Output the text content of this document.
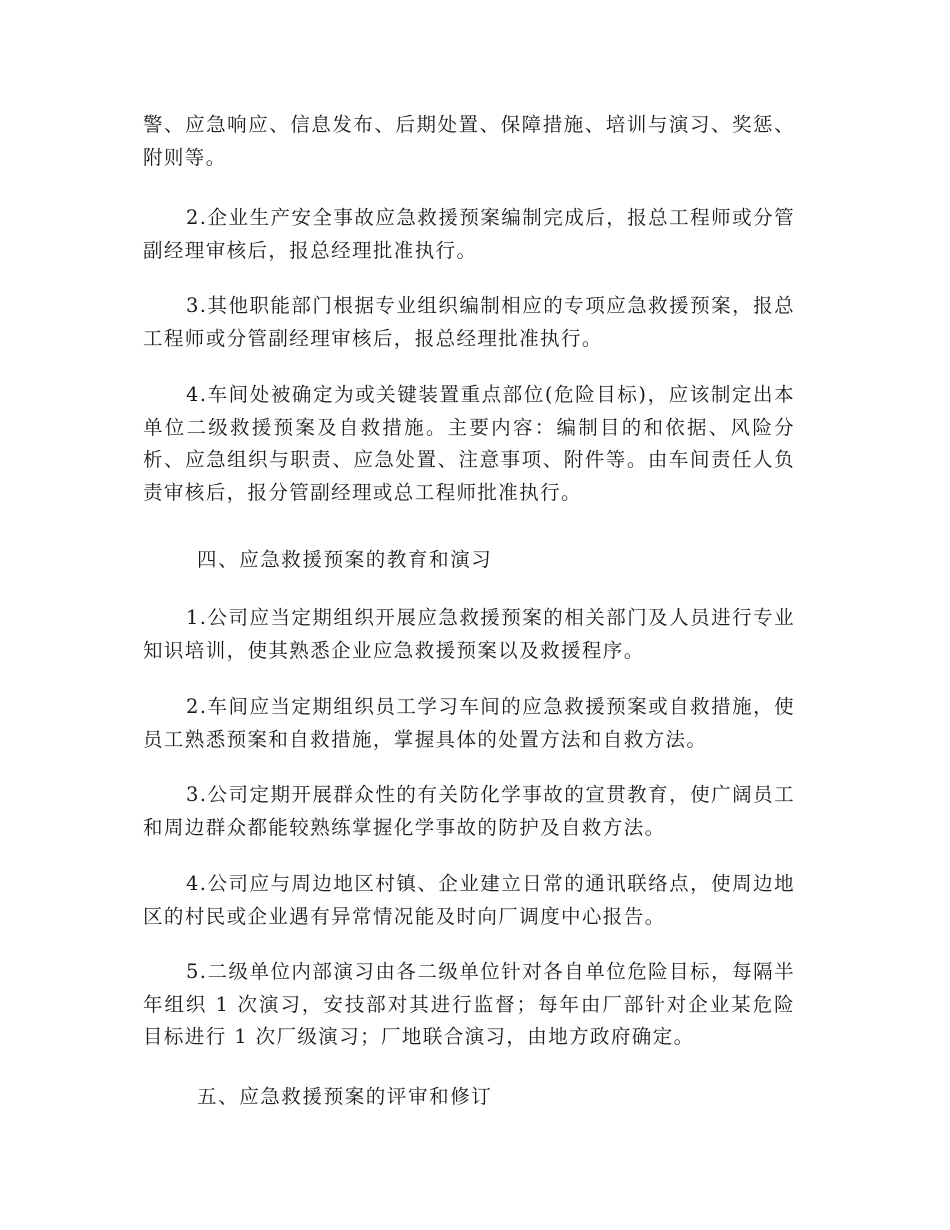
警、应急响应、信息发布、后期处置、保障措施、培训与演习、奖惩、附则等。

2.企业生产安全事故应急救援预案编制完成后，报总工程师或分管副经理审核后，报总经理批准执行。

3.其他职能部门根据专业组织编制相应的专项应急救援预案，报总工程师或分管副经理审核后，报总经理批准执行。

4.车间处被确定为或关键装置重点部位(危险目标)，应该制定出本单位二级救援预案及自救措施。主要内容：编制目的和依据、风险分析、应急组织与职责、应急处置、注意事项、附件等。由车间责任人负责审核后，报分管副经理或总工程师批准执行。

四、应急救援预案的教育和演习

1.公司应当定期组织开展应急救援预案的相关部门及人员进行专业知识培训，使其熟悉企业应急救援预案以及救援程序。

2.车间应当定期组织员工学习车间的应急救援预案或自救措施，使员工熟悉预案和自救措施，掌握具体的处置方法和自救方法。

3.公司定期开展群众性的有关防化学事故的宣贯教育，使广阔员工和周边群众都能较熟练掌握化学事故的防护及自救方法。

4.公司应与周边地区村镇、企业建立日常的通讯联络点，使周边地区的村民或企业遇有异常情况能及时向厂调度中心报告。

5.二级单位内部演习由各二级单位针对各自单位危险目标，每隔半年组织 1 次演习，安技部对其进行监督；每年由厂部针对企业某危险目标进行 1 次厂级演习；厂地联合演习，由地方政府确定。

五、应急救援预案的评审和修订
